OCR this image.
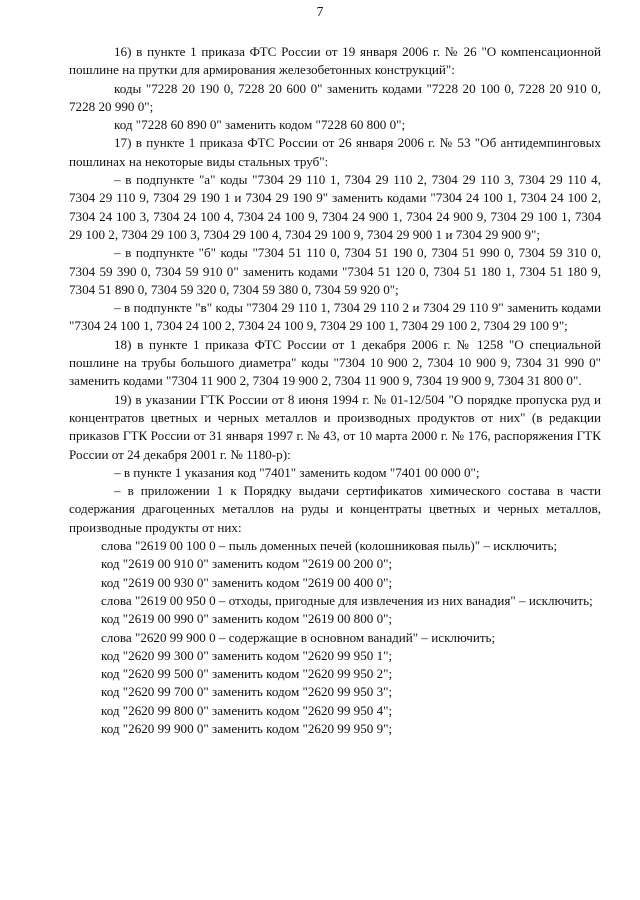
7

16) в пункте 1 приказа ФТС России от 19 января 2006 г. № 26 "О компенсационной пошлине на прутки для армирования железобетонных конструкций":

коды "7228 20 190 0, 7228 20 600 0" заменить кодами "7228 20 100 0, 7228 20 910 0, 7228 20 990 0";

код "7228 60 890 0" заменить кодом "7228 60 800 0";

17) в пункте 1 приказа ФТС России от 26 января 2006 г. № 53 "Об антидемпинговых пошлинах на некоторые виды стальных труб":

– в подпункте "а" коды "7304 29 110 1, 7304 29 110 2, 7304 29 110 3, 7304 29 110 4, 7304 29 110 9, 7304 29 190 1 и 7304 29 190 9" заменить кодами "7304 24 100 1, 7304 24 100 2, 7304 24 100 3, 7304 24 100 4, 7304 24 100 9, 7304 24 900 1, 7304 24 900 9, 7304 29 100 1, 7304 29 100 2, 7304 29 100 3, 7304 29 100 4, 7304 29 100 9, 7304 29 900 1 и 7304 29 900 9";

– в подпункте "б" коды "7304 51 110 0, 7304 51 190 0, 7304 51 990 0, 7304 59 310 0, 7304 59 390 0, 7304 59 910 0" заменить кодами "7304 51 120 0, 7304 51 180 1, 7304 51 180 9, 7304 51 890 0, 7304 59 320 0, 7304 59 380 0, 7304 59 920 0";

– в подпункте "в" коды "7304 29 110 1, 7304 29 110 2 и 7304 29 110 9" заменить кодами "7304 24 100 1, 7304 24 100 2, 7304 24 100 9, 7304 29 100 1, 7304 29 100 2, 7304 29 100 9";

18) в пункте 1 приказа ФТС России от 1 декабря 2006 г. № 1258 "О специальной пошлине на трубы большого диаметра" коды "7304 10 900 2, 7304 10 900 9, 7304 31 990 0" заменить кодами "7304 11 900 2, 7304 19 900 2, 7304 11 900 9, 7304 19 900 9, 7304 31 800 0".

19) в указании ГТК России от 8 июня 1994 г. № 01-12/504 "О порядке пропуска руд и концентратов цветных и черных металлов и производных продуктов от них" (в редакции приказов ГТК России от 31 января 1997 г. № 43, от 10 марта 2000 г. № 176, распоряжения ГТК России от 24 декабря 2001 г. № 1180-р):

– в пункте 1 указания код "7401" заменить кодом "7401 00 000 0";

– в приложении 1 к Порядку выдачи сертификатов химического состава в части содержания драгоценных металлов на руды и концентраты цветных и черных металлов, производные продукты от них:

слова "2619 00 100 0 – пыль доменных печей (колошниковая пыль)" – исключить;

код "2619 00 910 0" заменить кодом "2619 00 200 0";

код "2619 00 930 0" заменить кодом "2619 00 400 0";

слова "2619 00 950 0 – отходы, пригодные для извлечения из них ванадия" – исключить;

код "2619 00 990 0" заменить кодом "2619 00 800 0";

слова "2620 99 900 0 – содержащие в основном ванадий" – исключить;

код "2620 99 300 0" заменить кодом "2620 99 950 1";

код "2620 99 500 0" заменить кодом "2620 99 950 2";

код "2620 99 700 0" заменить кодом "2620 99 950 3";

код "2620 99 800 0" заменить кодом "2620 99 950 4";

код "2620 99 900 0" заменить кодом "2620 99 950 9";
